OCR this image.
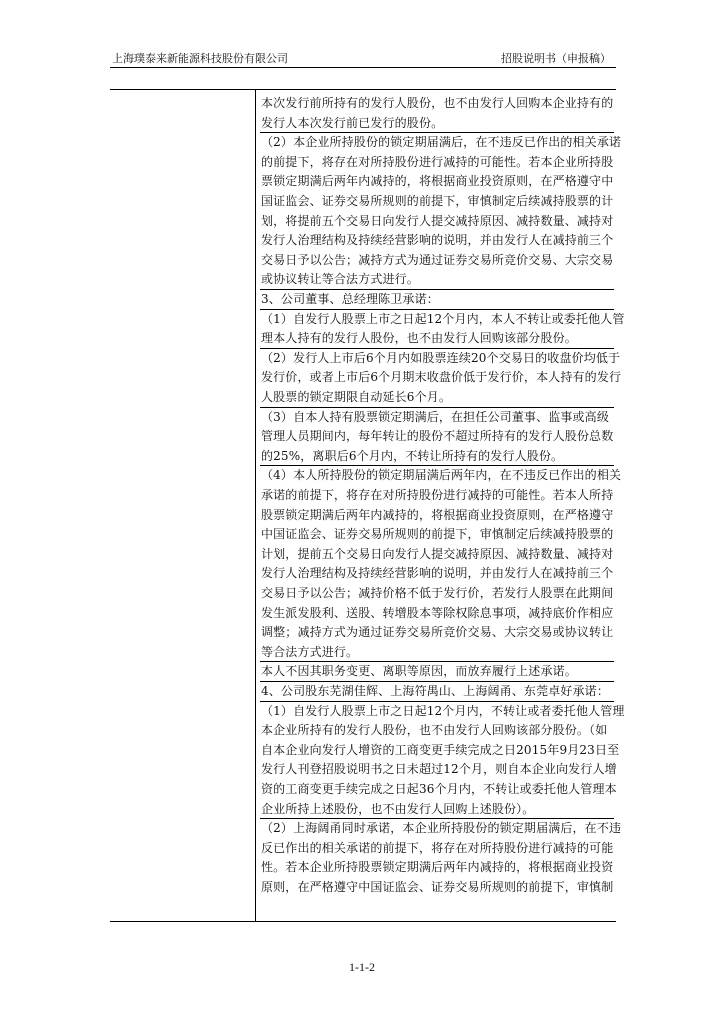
上海璞泰来新能源科技股份有限公司	招股说明书（申报稿）
本次发行前所持有的发行人股份，也不由发行人回购本企业持有的
发行人本次发行前已发行的股份。
（2）本企业所持股份的锁定期届满后，在不违反已作出的相关承诺
的前提下，将存在对所持股份进行减持的可能性。若本企业所持股
票锁定期满后两年内减持的，将根据商业投资原则，在严格遵守中
国证监会、证券交易所规则的前提下，审慎制定后续减持股票的计
划，将提前五个交易日向发行人提交减持原因、减持数量、减持对
发行人治理结构及持续经营影响的说明，并由发行人在减持前三个
交易日予以公告；减持方式为通过证券交易所竞价交易、大宗交易
或协议转让等合法方式进行。
3、公司董事、总经理陈卫承诺：
（1）自发行人股票上市之日起12个月内，本人不转让或委托他人管
理本人持有的发行人股份，也不由发行人回购该部分股份。
（2）发行人上市后6个月内如股票连续20个交易日的收盘价均低于
发行价，或者上市后6个月期末收盘价低于发行价，本人持有的发行
人股票的锁定期限自动延长6个月。
（3）自本人持有股票锁定期满后，在担任公司董事、监事或高级
管理人员期间内，每年转让的股份不超过所持有的发行人股份总数
的25%，离职后6个月内，不转让所持有的发行人股份。
（4）本人所持股份的锁定期届满后两年内，在不违反已作出的相关
承诺的前提下，将存在对所持股份进行减持的可能性。若本人所持
股票锁定期满后两年内减持的，将根据商业投资原则，在严格遵守
中国证监会、证券交易所规则的前提下，审慎制定后续减持股票的
计划，提前五个交易日向发行人提交减持原因、减持数量、减持对
发行人治理结构及持续经营影响的说明，并由发行人在减持前三个
交易日予以公告；减持价格不低于发行价，若发行人股票在此期间
发生派发股利、送股、转增股本等除权除息事项，减持底价作相应
调整；减持方式为通过证券交易所竞价交易、大宗交易或协议转让
等合法方式进行。
本人不因其职务变更、离职等原因，而放弃履行上述承诺。
4、公司股东芜湖佳辉、上海符禺山、上海阔甬、东莞卓好承诺：
（1）自发行人股票上市之日起12个月内，不转让或者委托他人管理
本企业所持有的发行人股份，也不由发行人回购该部分股份。（如
自本企业向发行人增资的工商变更手续完成之日2015年9月23日至
发行人刊登招股说明书之日未超过12个月，则自本企业向发行人增
资的工商变更手续完成之日起36个月内，不转让或委托他人管理本
企业所持上述股份，也不由发行人回购上述股份）。
（2）上海阔甬同时承诺，本企业所持股份的锁定期届满后，在不违
反已作出的相关承诺的前提下，将存在对所持股份进行减持的可能
性。若本企业所持股票锁定期满后两年内减持的，将根据商业投资
原则，在严格遵守中国证监会、证券交易所规则的前提下，审慎制
1-1-2
